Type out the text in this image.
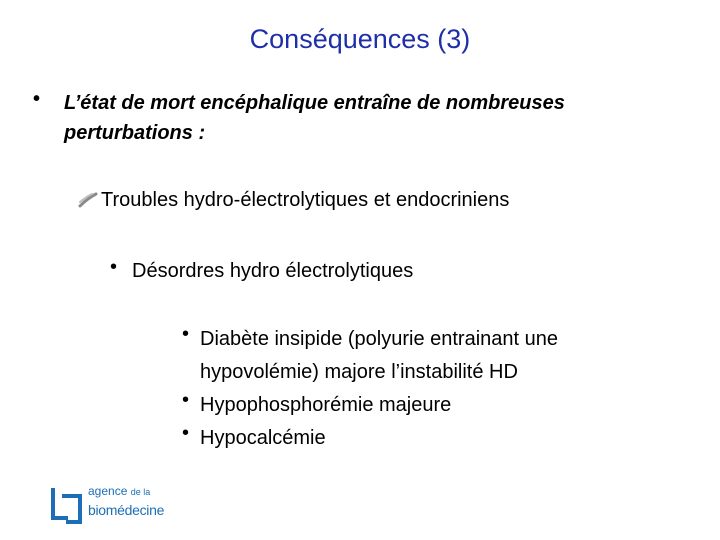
Conséquences (3)
• L’état de mort encéphalique entraîne de nombreuses perturbations :
Troubles hydro-électrolytiques et endocriniens
• Désordres hydro électrolytiques
• Diabète insipide (polyurie entrainant une hypovolémie) majore l’instabilité HD
• Hypophosphorémie majeure
• Hypocalcémie
agence de la
biomédecine
